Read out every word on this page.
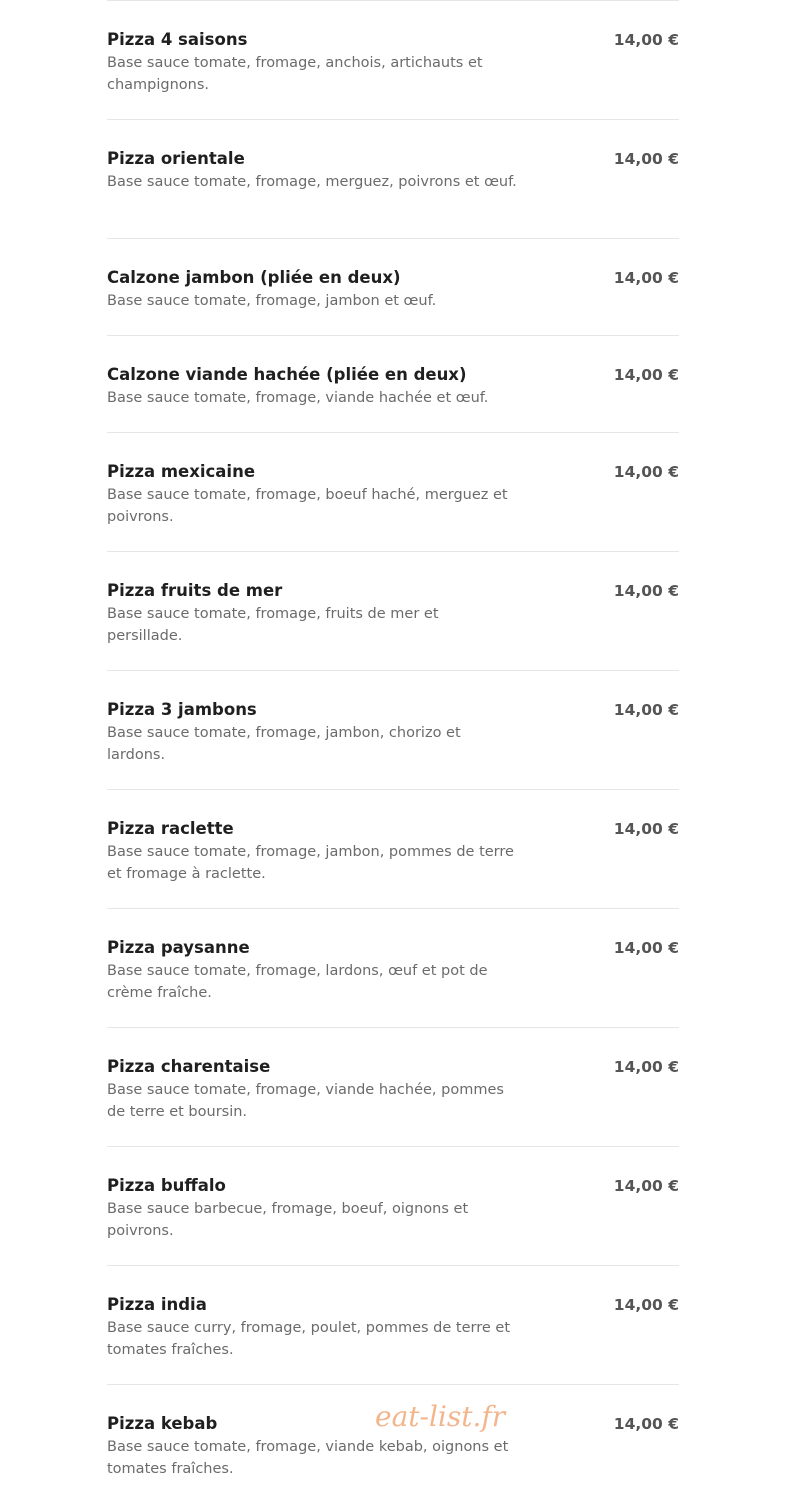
Pizza 4 saisons

Base sauce tomate, fromage, anchois, artichauts et champignons.

14,00 €

Pizza orientale

Base sauce tomate, fromage, merguez, poivrons et œuf.

14,00 €

Calzone jambon (pliée en deux)

Base sauce tomate, fromage, jambon et œuf.

14,00 €

Calzone viande hachée (pliée en deux)

Base sauce tomate, fromage, viande hachée et œuf.

14,00 €

Pizza mexicaine

Base sauce tomate, fromage, boeuf haché, merguez et poivrons.

14,00 €

Pizza fruits de mer

Base sauce tomate, fromage, fruits de mer et persillade.

14,00 €

Pizza 3 jambons

Base sauce tomate, fromage, jambon, chorizo et lardons.

14,00 €

Pizza raclette

Base sauce tomate, fromage, jambon, pommes de terre et fromage à raclette.

14,00 €

Pizza paysanne

Base sauce tomate, fromage, lardons, œuf et pot de crème fraîche.

14,00 €

Pizza charentaise

Base sauce tomate, fromage, viande hachée, pommes de terre et boursin.

14,00 €

Pizza buffalo

Base sauce barbecue, fromage, boeuf, oignons et poivrons.

14,00 €

Pizza india

Base sauce curry, fromage, poulet, pommes de terre et tomates fraîches.

14,00 €

Pizza kebab

Base sauce tomate, fromage, viande kebab, oignons et tomates fraîches.

14,00 €
eat-list.fr
